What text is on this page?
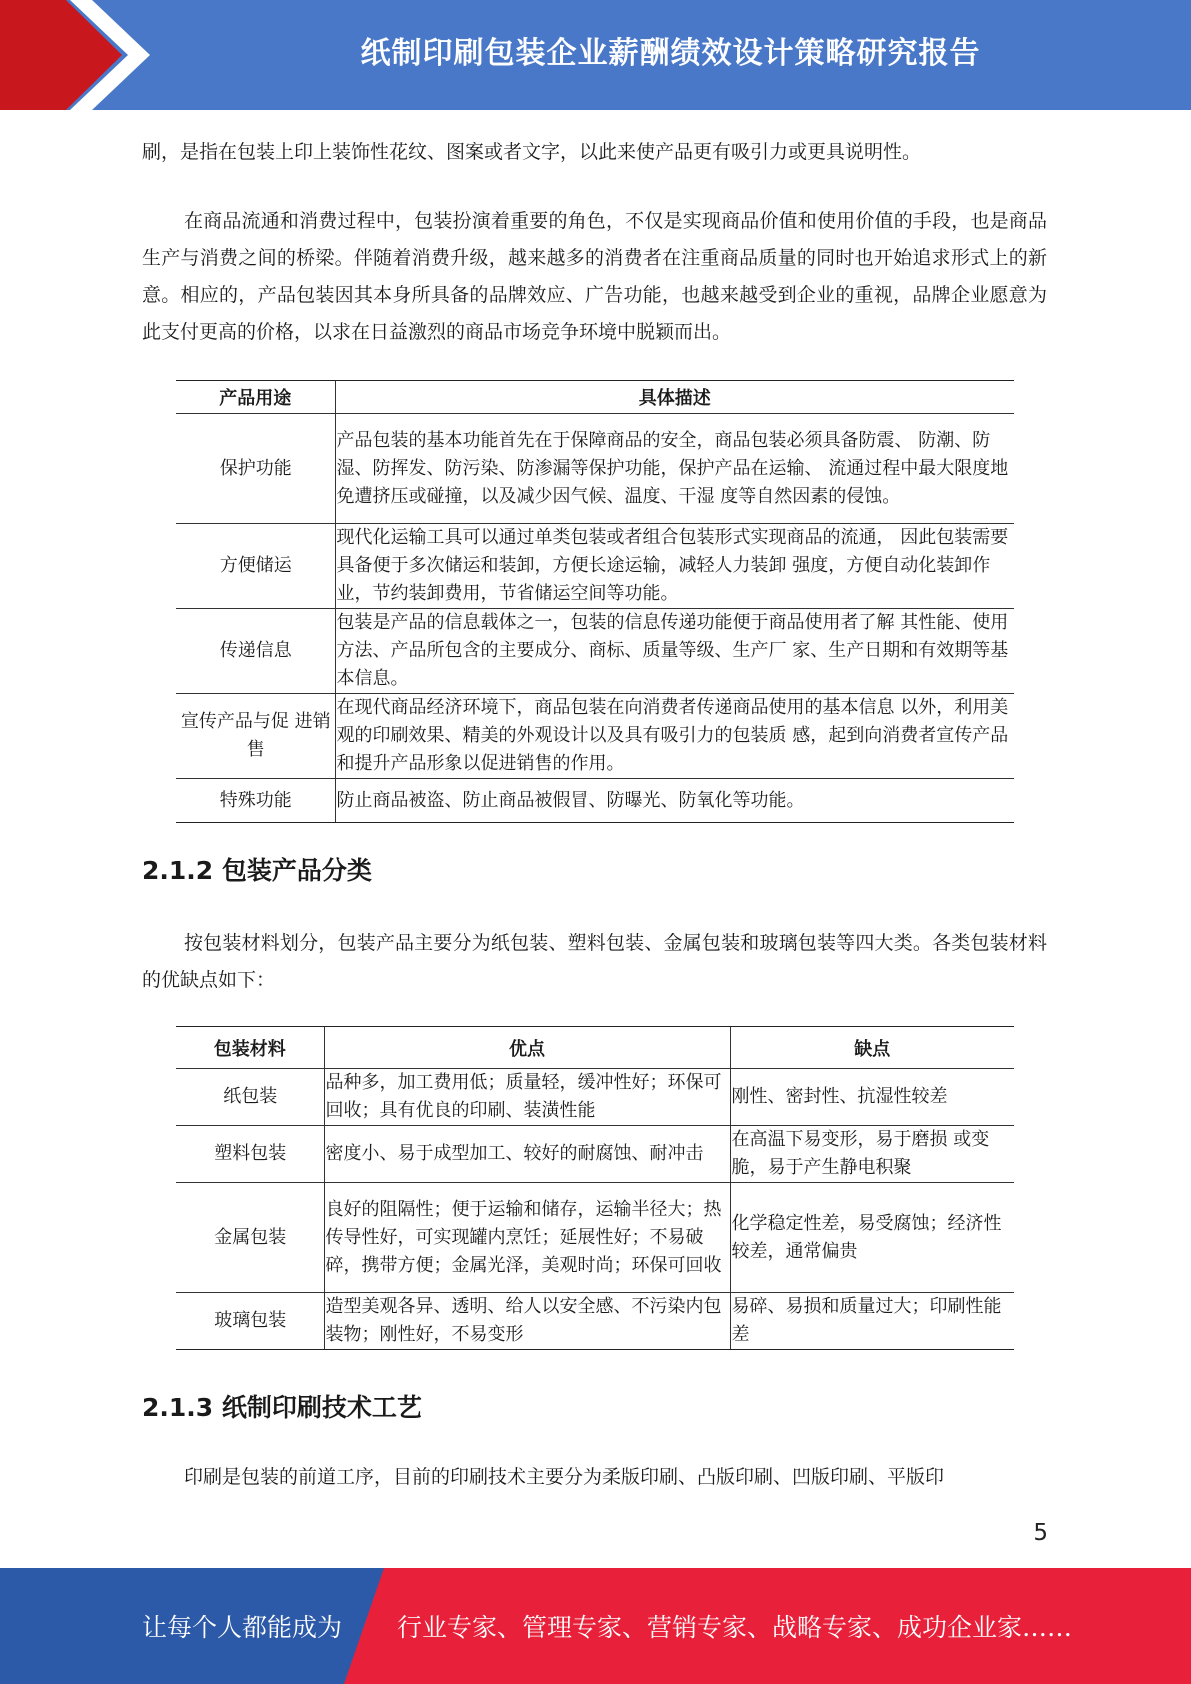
纸制印刷包装企业薪酬绩效设计策略研究报告

刷，是指在包装上印上装饰性花纹、图案或者文字，以此来使产品更有吸引力或更具说明性。

在商品流通和消费过程中，包装扮演着重要的角色，不仅是实现商品价值和使用价值的手段，也是商品生产与消费之间的桥梁。伴随着消费升级，越来越多的消费者在注重商品质量的同时也开始追求形式上的新意。相应的，产品包装因其本身所具备的品牌效应、广告功能，也越来越受到企业的重视，品牌企业愿意为此支付更高的价格，以求在日益激烈的商品市场竞争环境中脱颖而出。

产品用途	具体描述
保护功能	产品包装的基本功能首先在于保障商品的安全，商品包装必须具备防震、 防潮、防湿、防挥发、防污染、防渗漏等保护功能，保护产品在运输、 流通过程中最大限度地免遭挤压或碰撞，以及减少因气候、温度、干湿 度等自然因素的侵蚀。
方便储运	现代化运输工具可以通过单类包装或者组合包装形式实现商品的流通， 因此包装需要具备便于多次储运和装卸，方便长途运输，减轻人力装卸 强度，方便自动化装卸作业，节约装卸费用，节省储运空间等功能。
传递信息	包装是产品的信息载体之一，包装的信息传递功能便于商品使用者了解 其性能、使用方法、产品所包含的主要成分、商标、质量等级、生产厂 家、生产日期和有效期等基本信息。
宣传产品与促 进销售	在现代商品经济环境下，商品包装在向消费者传递商品使用的基本信息 以外，利用美观的印刷效果、精美的外观设计以及具有吸引力的包装质 感，起到向消费者宣传产品和提升产品形象以促进销售的作用。
特殊功能	防止商品被盗、防止商品被假冒、防曝光、防氧化等功能。
2.1.2 包装产品分类

按包装材料划分，包装产品主要分为纸包装、塑料包装、金属包装和玻璃包装等四大类。各类包装材料的优缺点如下：

包装材料	优点	缺点
纸包装	品种多，加工费用低；质量轻，缓冲性好；环保可回收；具有优良的印刷、装潢性能	刚性、密封性、抗湿性较差
塑料包装	密度小、易于成型加工、较好的耐腐蚀、耐冲击	在高温下易变形，易于磨损 或变脆，易于产生静电积聚
金属包装	良好的阻隔性；便于运输和储存，运输半径大；热传导性好，可实现罐内烹饪；延展性好；不易破碎，携带方便；金属光泽，美观时尚；环保可回收	化学稳定性差，易受腐蚀；经济性较差，通常偏贵
玻璃包装	造型美观各异、透明、给人以安全感、不污染内包装物；刚性好，不易变形	易碎、易损和质量过大；印刷性能差
2.1.3 纸制印刷技术工艺

印刷是包装的前道工序，目前的印刷技术主要分为柔版印刷、凸版印刷、凹版印刷、平版印

5
让每个人都能成为 行业专家、管理专家、营销专家、战略专家、成功企业家……
